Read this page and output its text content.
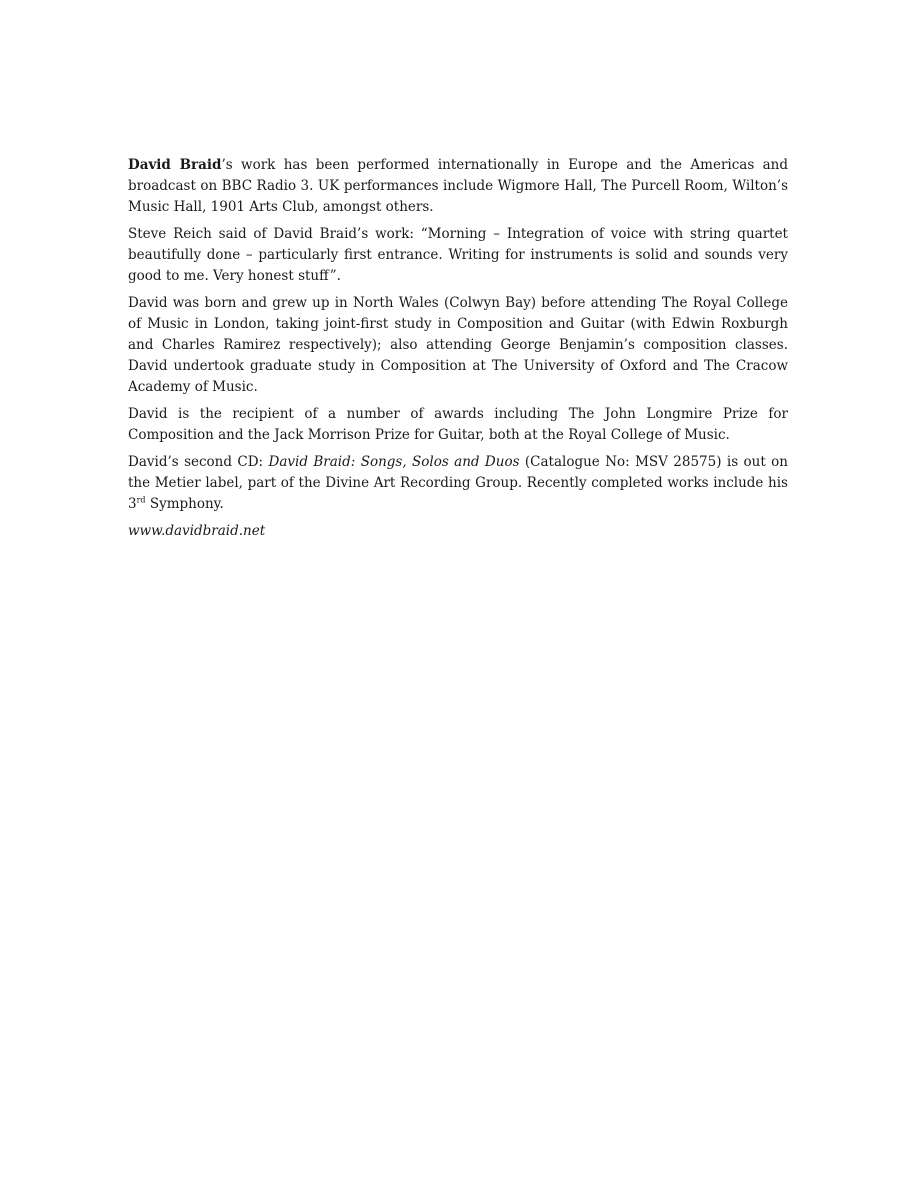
David Braid’s work has been performed internationally in Europe and the Americas and broadcast on BBC Radio 3. UK performances include Wigmore Hall, The Purcell Room, Wilton’s Music Hall, 1901 Arts Club, amongst others.

Steve Reich said of David Braid’s work: “Morning – Integration of voice with string quartet beautifully done – particularly first entrance. Writing for instruments is solid and sounds very good to me. Very honest stuff”.

David was born and grew up in North Wales (Colwyn Bay) before attending The Royal College of Music in London, taking joint-first study in Composition and Guitar (with Edwin Roxburgh and Charles Ramirez respectively); also attending George Benjamin’s composition classes. David undertook graduate study in Composition at The University of Oxford and The Cracow Academy of Music.

David is the recipient of a number of awards including The John Longmire Prize for Composition and the Jack Morrison Prize for Guitar, both at the Royal College of Music.

David’s second CD: David Braid: Songs, Solos and Duos (Catalogue No: MSV 28575) is out on the Metier label, part of the Divine Art Recording Group. Recently completed works include his 3rd Symphony.

www.davidbraid.net
